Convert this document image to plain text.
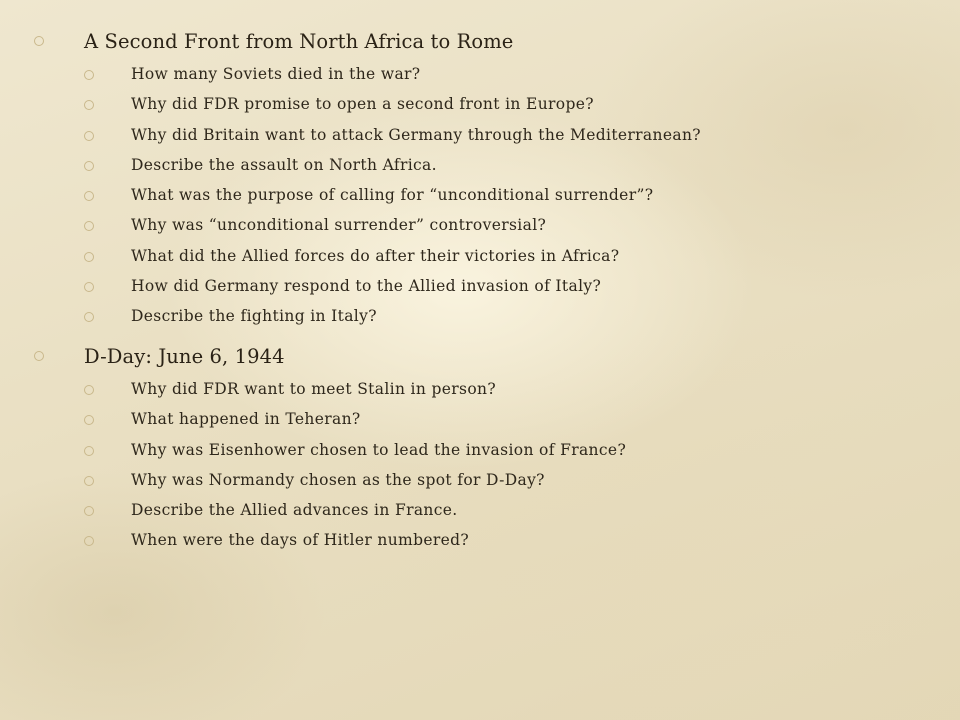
A Second Front from North Africa to Rome
How many Soviets died in the war?
Why did FDR promise to open a second front in Europe?
Why did Britain want to attack Germany through the Mediterranean?
Describe the assault on North Africa.
What was the purpose of calling for “unconditional surrender”?
Why was “unconditional surrender” controversial?
What did the Allied forces do after their victories in Africa?
How did Germany respond to the Allied invasion of Italy?
Describe the fighting in Italy?
D-Day: June 6, 1944
Why did FDR want to meet Stalin in person?
What happened in Teheran?
Why was Eisenhower chosen to lead the invasion of France?
Why was Normandy chosen as the spot for D-Day?
Describe the Allied advances in France.
When were the days of Hitler numbered?
